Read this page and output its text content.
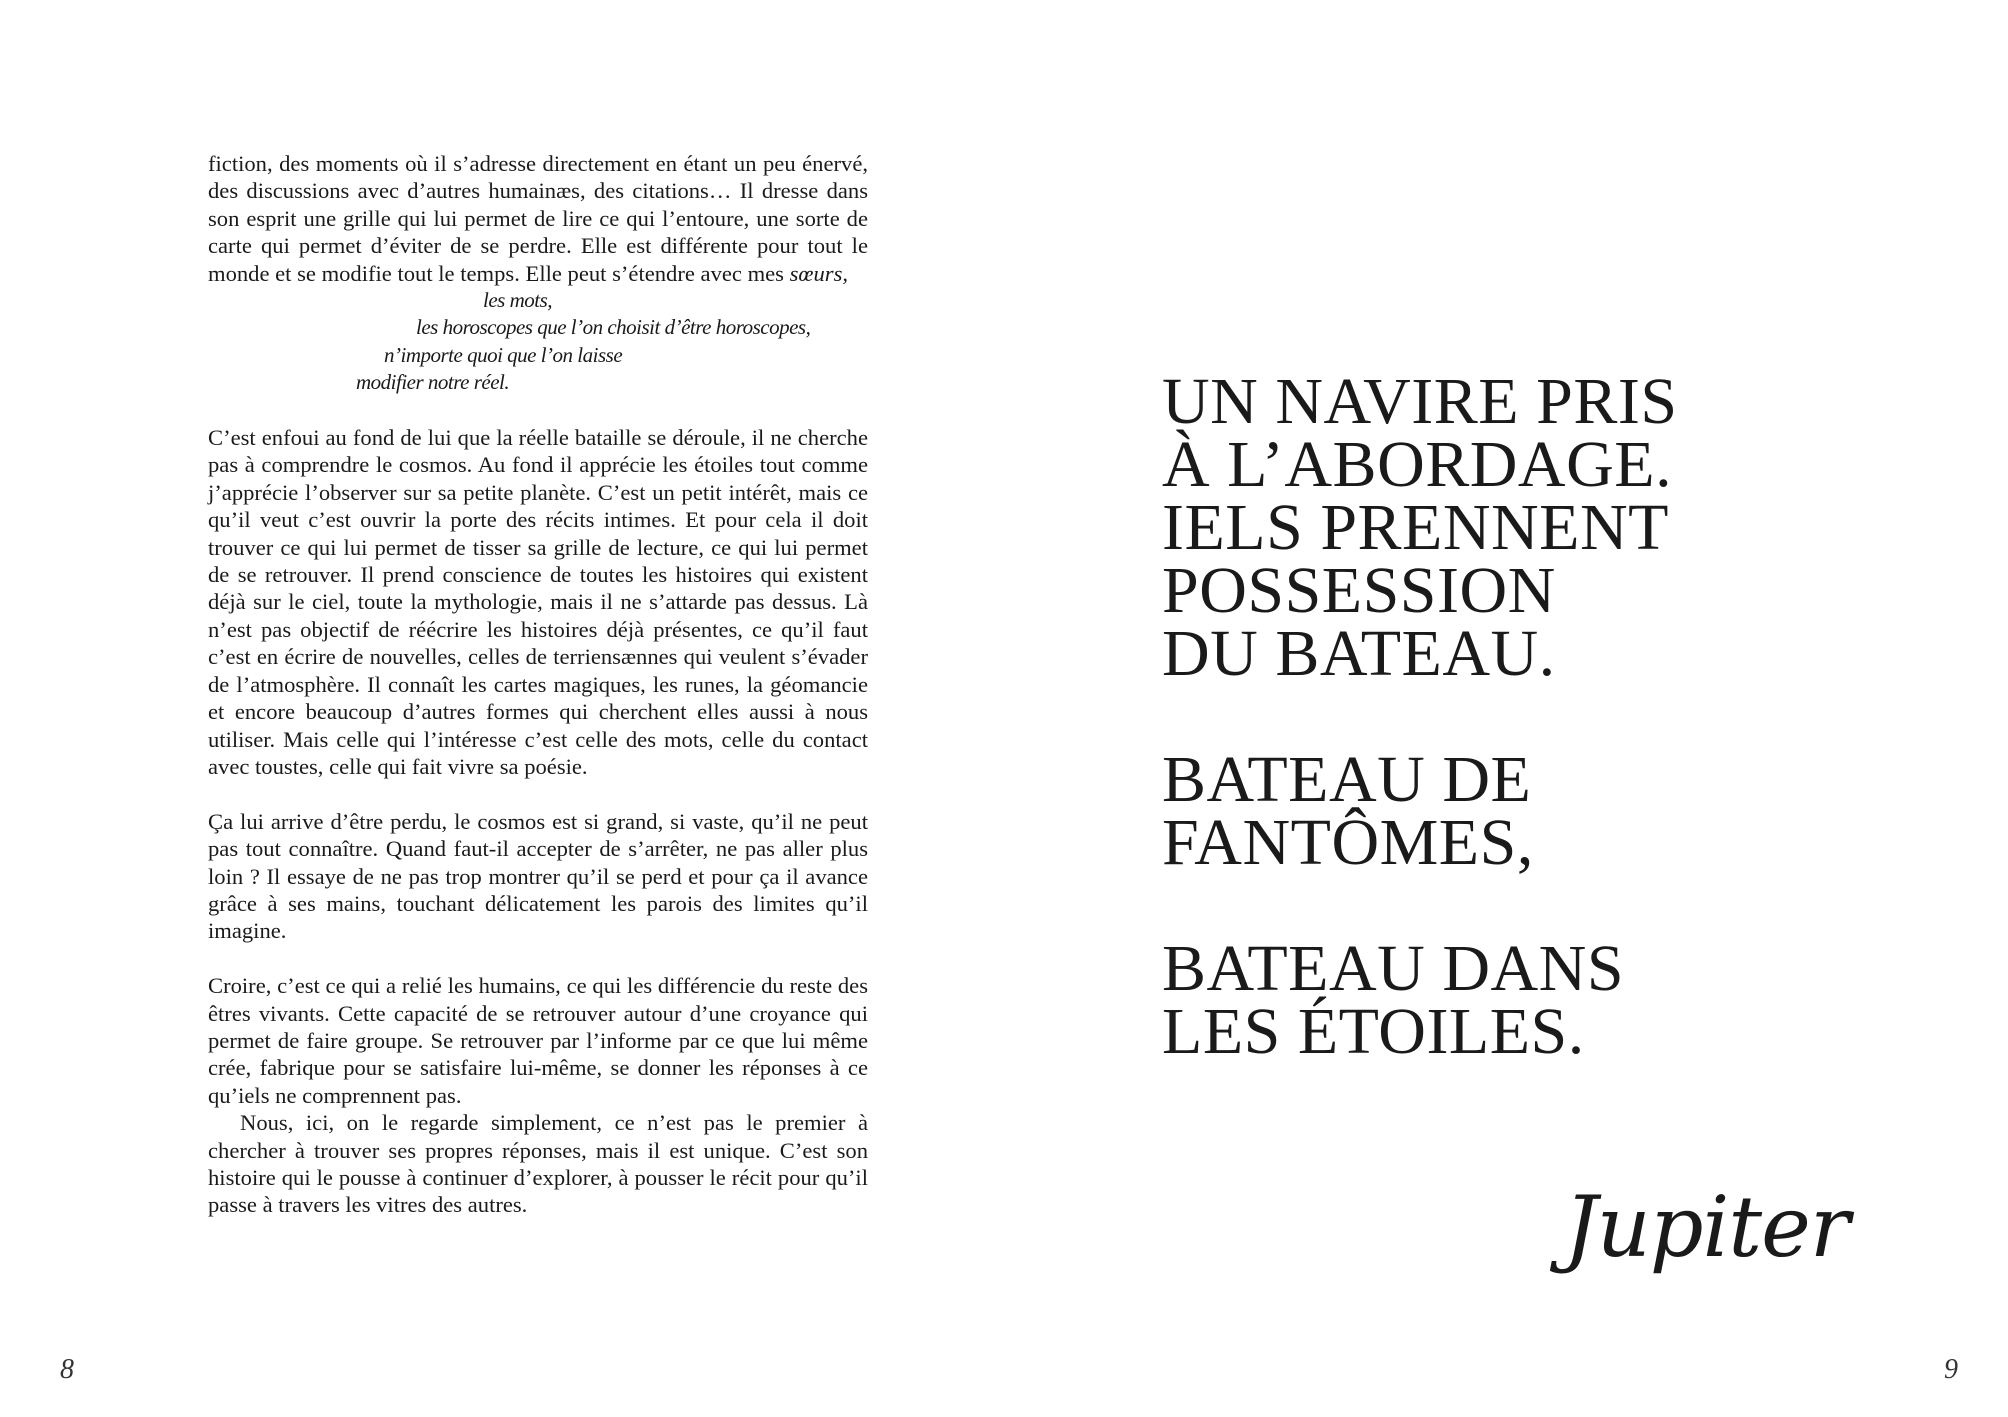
fiction, des moments où il s’adresse directement en étant un peu énervé, des discussions avec d’autres humainæs, des citations… Il dresse dans son esprit une grille qui lui permet de lire ce qui l’entoure, une sorte de carte qui permet d’éviter de se perdre. Elle est différente pour tout le monde et se modifie tout le temps. Elle peut s’étendre avec mes sœurs,

les mots,
les horoscopes que l’on choisit d’être horoscopes,
n’importe quoi que l’on laisse
modifier notre réel.

C’est enfoui au fond de lui que la réelle bataille se déroule, il ne cherche pas à comprendre le cosmos. Au fond il apprécie les étoiles tout comme j’apprécie l’observer sur sa petite planète. C’est un petit intérêt, mais ce qu’il veut c’est ouvrir la porte des récits intimes. Et pour cela il doit trouver ce qui lui permet de tisser sa grille de lecture, ce qui lui permet de se retrouver. Il prend conscience de toutes les histoires qui existent déjà sur le ciel, toute la mythologie, mais il ne s’attarde pas dessus. Là n’est pas objectif de réécrire les histoires déjà présentes, ce qu’il faut c’est en écrire de nouvelles, celles de terriensænnes qui veulent s’évader de l’atmosphère. Il connaît les cartes magiques, les runes, la géomancie et encore beaucoup d’autres formes qui cherchent elles aussi à nous utiliser. Mais celle qui l’intéresse c’est celle des mots, celle du contact avec toustes, celle qui fait vivre sa poésie.

Ça lui arrive d’être perdu, le cosmos est si grand, si vaste, qu’il ne peut pas tout connaître. Quand faut-il accepter de s’arrêter, ne pas aller plus loin ? Il essaye de ne pas trop montrer qu’il se perd et pour ça il avance grâce à ses mains, touchant délicatement les parois des limites qu’il imagine.

Croire, c’est ce qui a relié les humains, ce qui les différencie du reste des êtres vivants. Cette capacité de se retrouver autour d’une croyance qui permet de faire groupe. Se retrouver par l’informe par ce que lui même crée, fabrique pour se satisfaire lui-même, se donner les réponses à ce qu’iels ne comprennent pas.

Nous, ici, on le regarde simplement, ce n’est pas le premier à chercher à trouver ses propres réponses, mais il est unique. C’est son histoire qui le pousse à continuer d’explorer, à pousser le récit pour qu’il passe à travers les vitres des autres.

8
UN NAVIRE PRIS
À L’ABORDAGE.
IELS PRENNENT
POSSESSION
DU BATEAU.
BATEAU DE
FANTÔMES,
BATEAU DANS
LES ÉTOILES.
Jupiter
9
